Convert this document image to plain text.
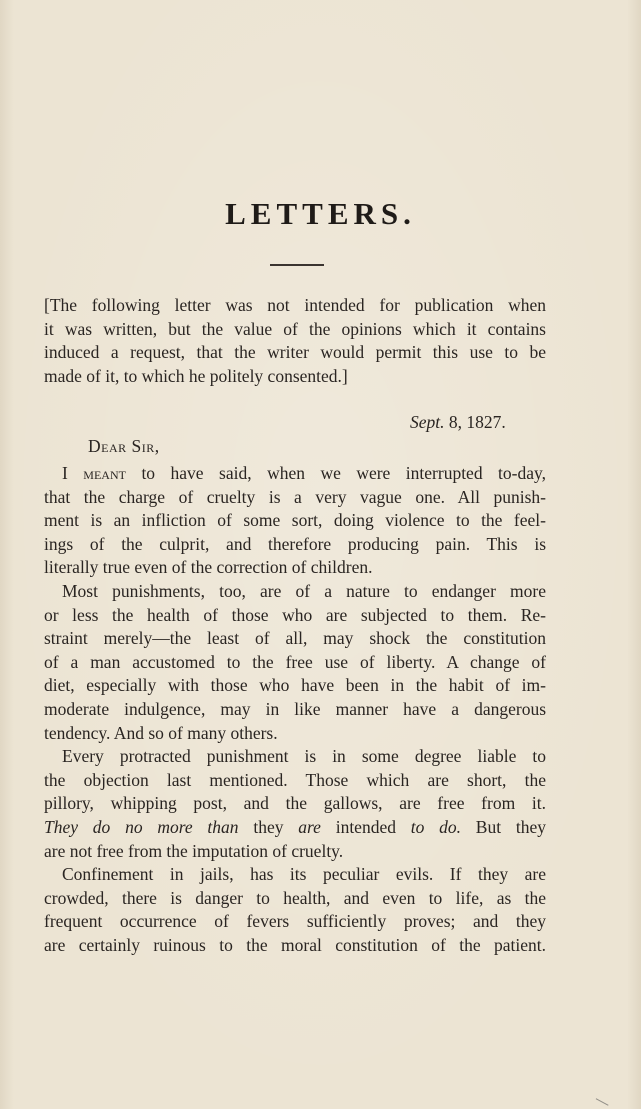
LETTERS.
[The following letter was not intended for publication when
it was written, but the value of the opinions which it contains
induced a request, that the writer would permit this use to be
made of it, to which he politely consented.]
Sept. 8, 1827.
Dear Sir,
I meant to have said, when we were interrupted to-day,
that the charge of cruelty is a very vague one. All punish-
ment is an infliction of some sort, doing violence to the feel-
ings of the culprit, and therefore producing pain. This is
literally true even of the correction of children.
Most punishments, too, are of a nature to endanger more
or less the health of those who are subjected to them. Re-
straint merely—the least of all, may shock the constitution
of a man accustomed to the free use of liberty. A change of
diet, especially with those who have been in the habit of im-
moderate indulgence, may in like manner have a dangerous
tendency. And so of many others.
Every protracted punishment is in some degree liable to
the objection last mentioned. Those which are short, the
pillory, whipping post, and the gallows, are free from it.
They do no more than they are intended to do. But they
are not free from the imputation of cruelty.
Confinement in jails, has its peculiar evils. If they are
crowded, there is danger to health, and even to life, as the
frequent occurrence of fevers sufficiently proves; and they
are certainly ruinous to the moral constitution of the patient.
